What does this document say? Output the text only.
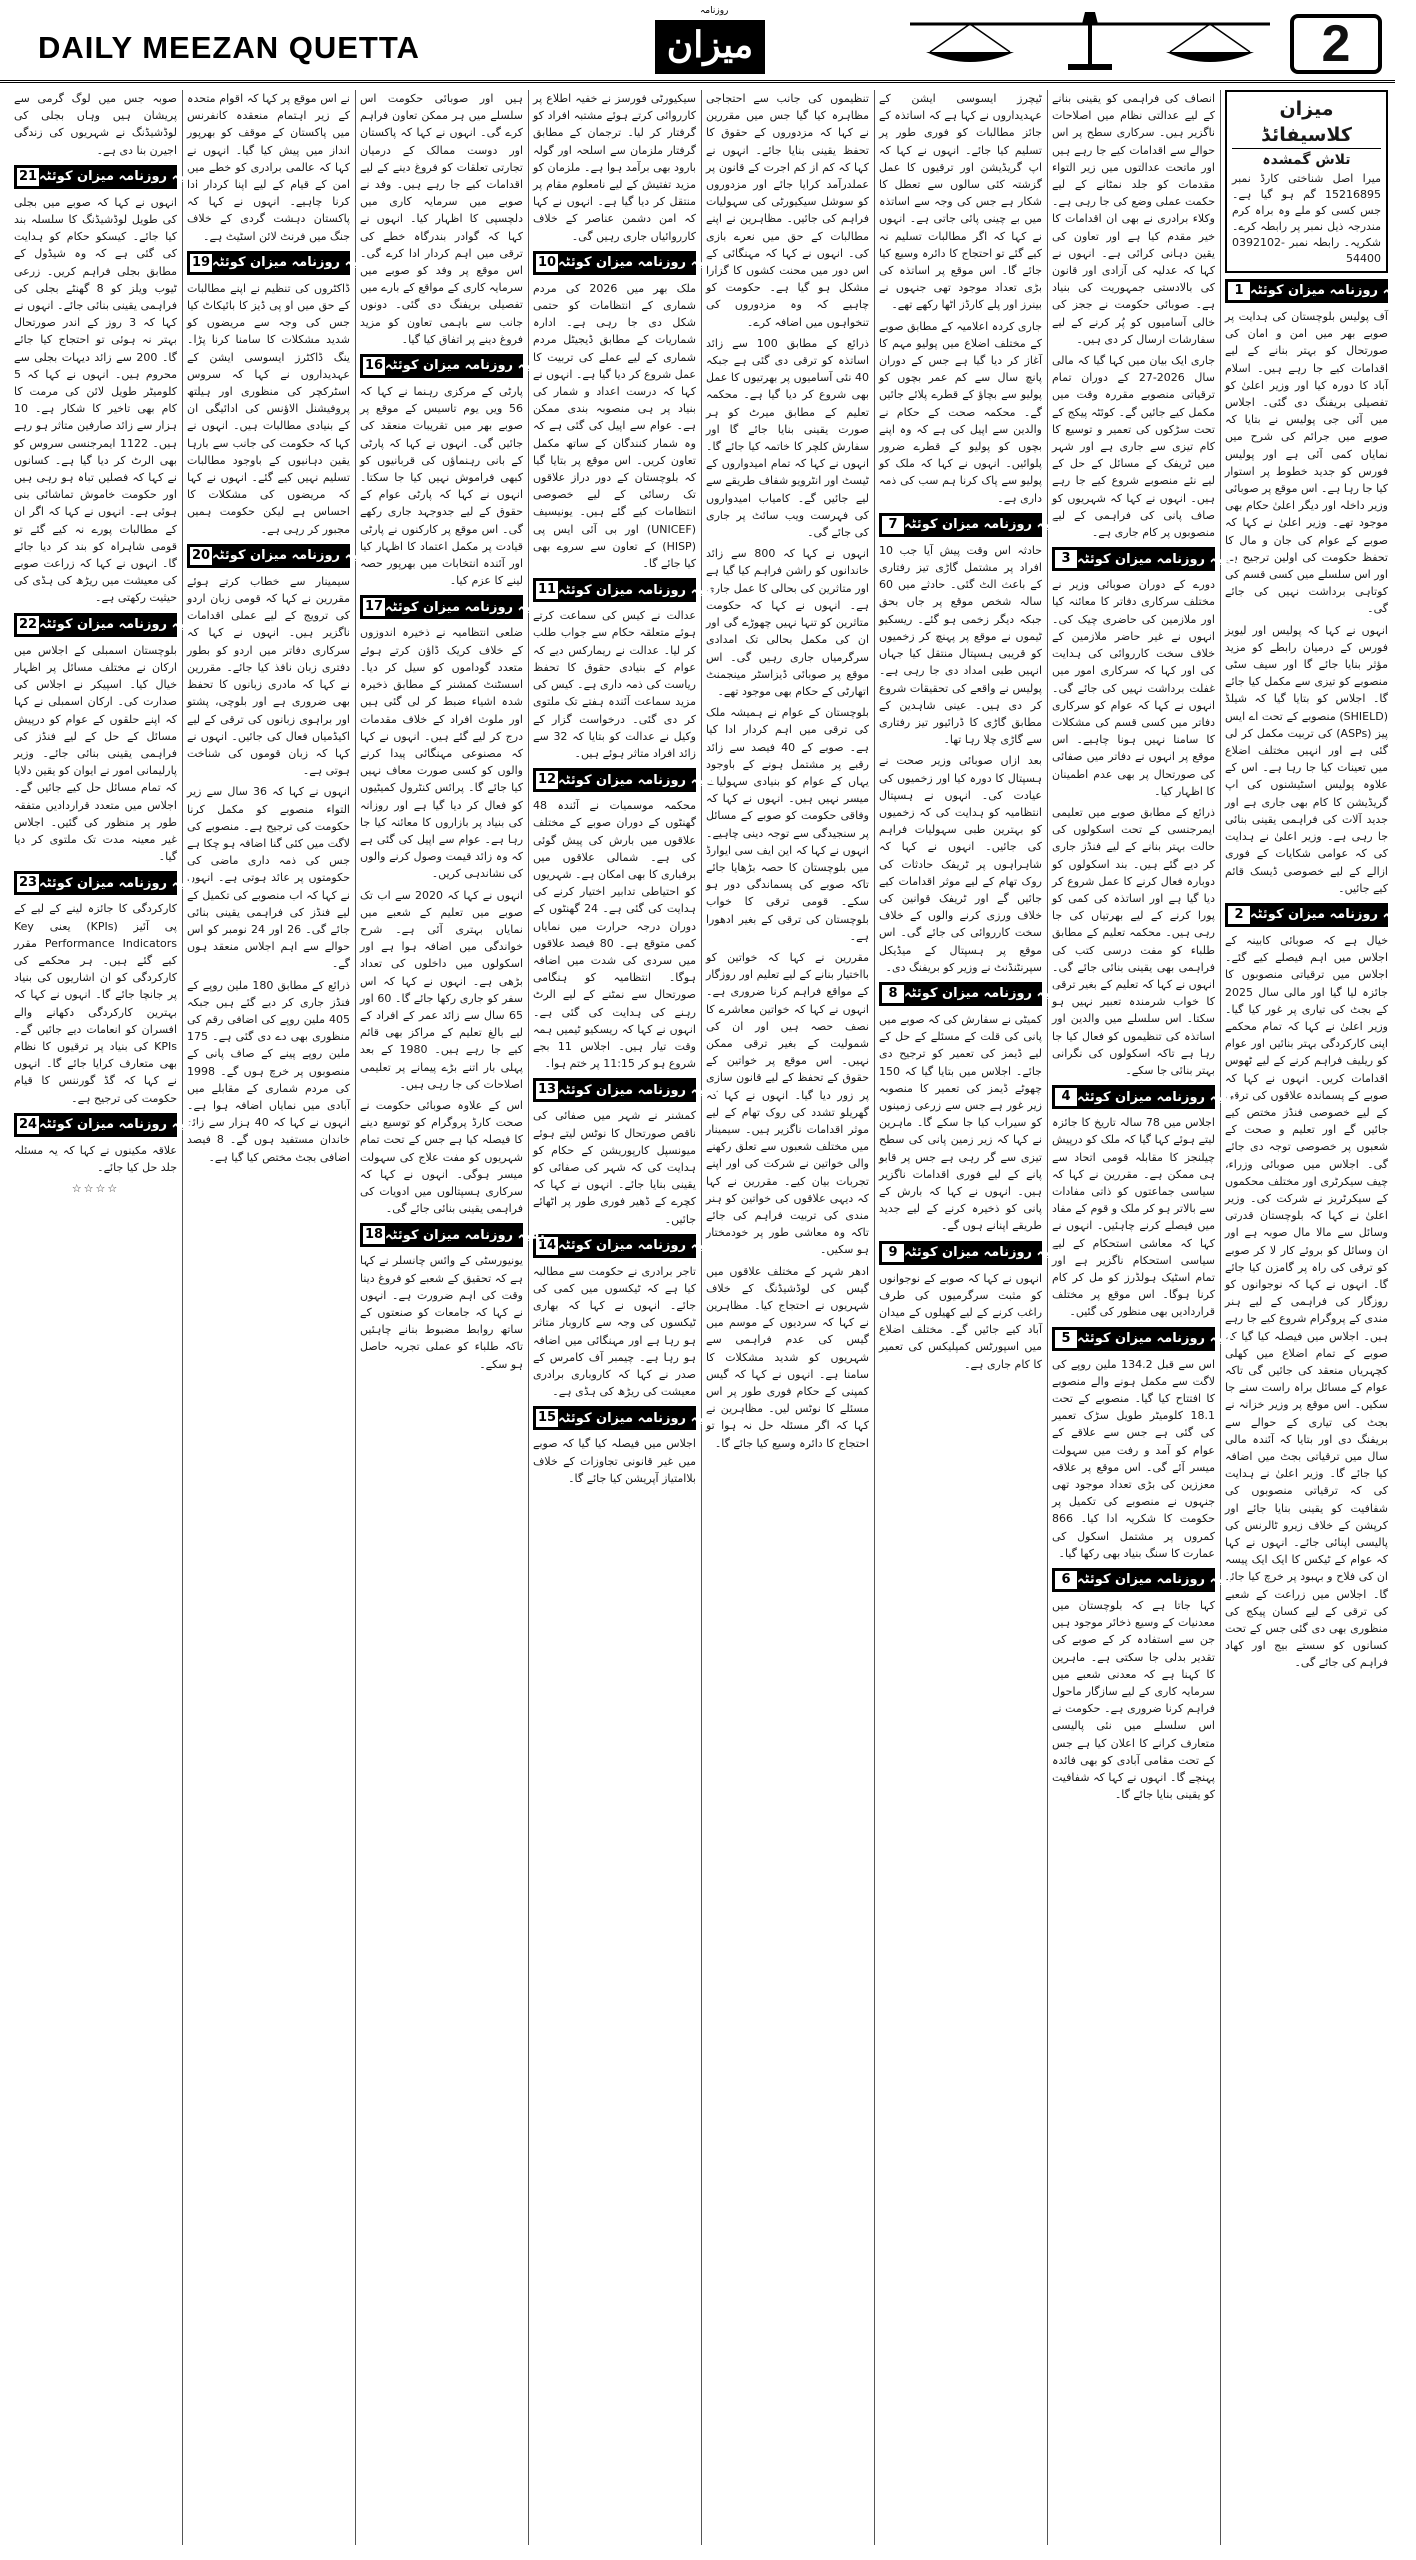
DAILY MEEZAN QUETTA
روزنامہ
میزان	2
میزان کلاسیفائڈ
تلاش گمشدہ
میرا اصل شناختی کارڈ نمبر 15216895 گم ہو گیا ہے۔ جس کسی کو ملے وہ براہ کرم مندرجہ ذیل نمبر پر رابطہ کرے۔ شکریہ۔ رابطہ نمبر 0392102-54400
1 بقیہ روزنامہ میزان کوئٹہ

آف پولیس بلوچستان کی ہدایت پر صوبے بھر میں امن و امان کی صورتحال کو بہتر بنانے کے لیے اقدامات کیے جا رہے ہیں۔ اسلام آباد کا دورہ کیا اور وزیر اعلیٰ کو تفصیلی بریفنگ دی گئی۔ اجلاس میں آئی جی پولیس نے بتایا کہ صوبے میں جرائم کی شرح میں نمایاں کمی آئی ہے اور پولیس فورس کو جدید خطوط پر استوار کیا جا رہا ہے۔ اس موقع پر صوبائی وزیر داخلہ اور دیگر اعلیٰ حکام بھی موجود تھے۔ وزیر اعلیٰ نے کہا کہ صوبے کے عوام کی جان و مال کا تحفظ حکومت کی اولین ترجیح ہے اور اس سلسلے میں کسی قسم کی کوتاہی برداشت نہیں کی جائے گی۔

انہوں نے کہا کہ پولیس اور لیویز فورس کے درمیان رابطے کو مزید مؤثر بنایا جائے گا اور سیف سٹی منصوبے کو تیزی سے مکمل کیا جائے گا۔ اجلاس کو بتایا گیا کہ شیلڈ (SHIELD) منصوبے کے تحت اے ایس پیز (ASPs) کی تربیت مکمل کر لی گئی ہے اور انہیں مختلف اضلاع میں تعینات کیا جا رہا ہے۔ اس کے علاوہ پولیس اسٹیشنوں کی اپ گریڈیشن کا کام بھی جاری ہے اور جدید آلات کی فراہمی یقینی بنائی جا رہی ہے۔ وزیر اعلیٰ نے ہدایت کی کہ عوامی شکایات کے فوری ازالے کے لیے خصوصی ڈیسک قائم کیے جائیں۔

2 بقیہ روزنامہ میزان کوئٹہ

خیال ہے کہ صوبائی کابینہ کے اجلاس میں اہم فیصلے کیے گئے۔ اجلاس میں ترقیاتی منصوبوں کا جائزہ لیا گیا اور مالی سال 2025 کے بجٹ کی تیاری پر غور کیا گیا۔ وزیر اعلیٰ نے کہا کہ تمام محکمے اپنی کارکردگی بہتر بنائیں اور عوام کو ریلیف فراہم کرنے کے لیے ٹھوس اقدامات کریں۔ انہوں نے کہا کہ صوبے کے پسماندہ علاقوں کی ترقی کے لیے خصوصی فنڈز مختص کیے جائیں گے اور تعلیم و صحت کے شعبوں پر خصوصی توجہ دی جائے گی۔ اجلاس میں صوبائی وزراء، چیف سیکرٹری اور مختلف محکموں کے سیکرٹریز نے شرکت کی۔ وزیر اعلیٰ نے کہا کہ بلوچستان قدرتی وسائل سے مالا مال صوبہ ہے اور ان وسائل کو بروئے کار لا کر صوبے کو ترقی کی راہ پر گامزن کیا جائے گا۔ انہوں نے کہا کہ نوجوانوں کو روزگار کی فراہمی کے لیے ہنر مندی کے پروگرام شروع کیے جا رہے ہیں۔ اجلاس میں فیصلہ کیا گیا کہ صوبے کے تمام اضلاع میں کھلی کچہریاں منعقد کی جائیں گی تاکہ عوام کے مسائل براہ راست سنے جا سکیں۔ اس موقع پر وزیر خزانہ نے بجٹ کی تیاری کے حوالے سے بریفنگ دی اور بتایا کہ آئندہ مالی سال میں ترقیاتی بجٹ میں اضافہ کیا جائے گا۔ وزیر اعلیٰ نے ہدایت کی کہ ترقیاتی منصوبوں کی شفافیت کو یقینی بنایا جائے اور کرپشن کے خلاف زیرو ٹالرنس کی پالیسی اپنائی جائے۔ انہوں نے کہا کہ عوام کے ٹیکس کا ایک ایک پیسہ ان کی فلاح و بہبود پر خرچ کیا جائے گا۔ اجلاس میں زراعت کے شعبے کی ترقی کے لیے کسان پیکج کی منظوری بھی دی گئی جس کے تحت کسانوں کو سستے بیج اور کھاد فراہم کی جائے گی۔

انصاف کی فراہمی کو یقینی بنانے کے لیے عدالتی نظام میں اصلاحات ناگزیر ہیں۔ سرکاری سطح پر اس حوالے سے اقدامات کیے جا رہے ہیں اور ماتحت عدالتوں میں زیر التواء مقدمات کو جلد نمٹانے کے لیے حکمت عملی وضع کی جا رہی ہے۔ وکلاء برادری نے بھی ان اقدامات کا خیر مقدم کیا ہے اور تعاون کی یقین دہانی کرائی ہے۔ انہوں نے کہا کہ عدلیہ کی آزادی اور قانون کی بالادستی جمہوریت کی بنیاد ہے۔ صوبائی حکومت نے ججز کی خالی آسامیوں کو پُر کرنے کے لیے سفارشات ارسال کر دی ہیں۔

جاری ایک بیان میں کہا گیا کہ مالی سال 2026-27 کے دوران تمام ترقیاتی منصوبے مقررہ وقت میں مکمل کیے جائیں گے۔ کوئٹہ پیکج کے تحت سڑکوں کی تعمیر و توسیع کا کام تیزی سے جاری ہے اور شہر میں ٹریفک کے مسائل کے حل کے لیے نئے منصوبے شروع کیے جا رہے ہیں۔ انہوں نے کہا کہ شہریوں کو صاف پانی کی فراہمی کے لیے منصوبوں پر کام جاری ہے۔

3 بقیہ روزنامہ میزان کوئٹہ

دورے کے دوران صوبائی وزیر نے مختلف سرکاری دفاتر کا معائنہ کیا اور ملازمین کی حاضری چیک کی۔ انہوں نے غیر حاضر ملازمین کے خلاف سخت کارروائی کی ہدایت کی اور کہا کہ سرکاری امور میں غفلت برداشت نہیں کی جائے گی۔ انہوں نے کہا کہ عوام کو سرکاری دفاتر میں کسی قسم کی مشکلات کا سامنا نہیں ہونا چاہیے۔ اس موقع پر انہوں نے دفاتر میں صفائی کی صورتحال پر بھی عدم اطمینان کا اظہار کیا۔

ذرائع کے مطابق صوبے میں تعلیمی ایمرجنسی کے تحت اسکولوں کی حالت بہتر بنانے کے لیے فنڈز جاری کر دیے گئے ہیں۔ بند اسکولوں کو دوبارہ فعال کرنے کا عمل شروع کر دیا گیا ہے اور اساتذہ کی کمی کو پورا کرنے کے لیے بھرتیاں کی جا رہی ہیں۔ محکمہ تعلیم کے مطابق طلباء کو مفت درسی کتب کی فراہمی بھی یقینی بنائی جائے گی۔ انہوں نے کہا کہ تعلیم کے بغیر ترقی کا خواب شرمندہ تعبیر نہیں ہو سکتا۔ اس سلسلے میں والدین اور اساتذہ کی تنظیموں کو فعال کیا جا رہا ہے تاکہ اسکولوں کی نگرانی بہتر بنائی جا سکے۔

4 بقیہ روزنامہ میزان کوئٹہ

اجلاس میں 78 سالہ تاریخ کا جائزہ لیتے ہوئے کہا گیا کہ ملک کو درپیش چیلنجز کا مقابلہ قومی اتحاد سے ہی ممکن ہے۔ مقررین نے کہا کہ سیاسی جماعتوں کو ذاتی مفادات سے بالاتر ہو کر ملک و قوم کے مفاد میں فیصلے کرنے چاہئیں۔ انہوں نے کہا کہ معاشی استحکام کے لیے سیاسی استحکام ناگزیر ہے اور تمام اسٹیک ہولڈرز کو مل کر کام کرنا ہوگا۔ اس موقع پر مختلف قراردادیں بھی منظور کی گئیں۔

5 بقیہ روزنامہ میزان کوئٹہ

اس سے قبل 134.2 ملین روپے کی لاگت سے مکمل ہونے والے منصوبے کا افتتاح کیا گیا۔ منصوبے کے تحت 18.1 کلومیٹر طویل سڑک تعمیر کی گئی ہے جس سے علاقے کے عوام کو آمد و رفت میں سہولت میسر آئے گی۔ اس موقع پر علاقہ معززین کی بڑی تعداد موجود تھی جنہوں نے منصوبے کی تکمیل پر حکومت کا شکریہ ادا کیا۔ 866 کمروں پر مشتمل اسکول کی عمارت کا سنگ بنیاد بھی رکھا گیا۔

6 بقیہ روزنامہ میزان کوئٹہ

کہا جاتا ہے کہ بلوچستان میں معدنیات کے وسیع ذخائر موجود ہیں جن سے استفادہ کر کے صوبے کی تقدیر بدلی جا سکتی ہے۔ ماہرین کا کہنا ہے کہ معدنی شعبے میں سرمایہ کاری کے لیے سازگار ماحول فراہم کرنا ضروری ہے۔ حکومت نے اس سلسلے میں نئی پالیسی متعارف کرانے کا اعلان کیا ہے جس کے تحت مقامی آبادی کو بھی فائدہ پہنچے گا۔ انہوں نے کہا کہ شفافیت کو یقینی بنایا جائے گا۔

ٹیچرز ایسوسی ایشن کے عہدیداروں نے کہا ہے کہ اساتذہ کے جائز مطالبات کو فوری طور پر تسلیم کیا جائے۔ انہوں نے کہا کہ اپ گریڈیشن اور ترقیوں کا عمل گزشتہ کئی سالوں سے تعطل کا شکار ہے جس کی وجہ سے اساتذہ میں بے چینی پائی جاتی ہے۔ انہوں نے کہا کہ اگر مطالبات تسلیم نہ کیے گئے تو احتجاج کا دائرہ وسیع کیا جائے گا۔ اس موقع پر اساتذہ کی بڑی تعداد موجود تھی جنہوں نے بینرز اور پلے کارڈز اٹھا رکھے تھے۔

جاری کردہ اعلامیہ کے مطابق صوبے کے مختلف اضلاع میں پولیو مہم کا آغاز کر دیا گیا ہے جس کے دوران پانچ سال سے کم عمر بچوں کو پولیو سے بچاؤ کے قطرے پلائے جائیں گے۔ محکمہ صحت کے حکام نے والدین سے اپیل کی ہے کہ وہ اپنے بچوں کو پولیو کے قطرے ضرور پلوائیں۔ انہوں نے کہا کہ ملک کو پولیو سے پاک کرنا ہم سب کی ذمہ داری ہے۔

7 بقیہ روزنامہ میزان کوئٹہ

حادثہ اس وقت پیش آیا جب 10 افراد پر مشتمل گاڑی تیز رفتاری کے باعث الٹ گئی۔ حادثے میں 60 سالہ شخص موقع پر جاں بحق جبکہ دیگر زخمی ہو گئے۔ ریسکیو ٹیموں نے موقع پر پہنچ کر زخمیوں کو قریبی ہسپتال منتقل کیا جہاں انہیں طبی امداد دی جا رہی ہے۔ پولیس نے واقعے کی تحقیقات شروع کر دی ہیں۔ عینی شاہدین کے مطابق گاڑی کا ڈرائیور تیز رفتاری سے گاڑی چلا رہا تھا۔

بعد ازاں صوبائی وزیر صحت نے ہسپتال کا دورہ کیا اور زخمیوں کی عیادت کی۔ انہوں نے ہسپتال انتظامیہ کو ہدایت کی کہ زخمیوں کو بہترین طبی سہولیات فراہم کی جائیں۔ انہوں نے کہا کہ شاہراہوں پر ٹریفک حادثات کی روک تھام کے لیے موثر اقدامات کیے جائیں گے اور ٹریفک قوانین کی خلاف ورزی کرنے والوں کے خلاف سخت کارروائی کی جائے گی۔ اس موقع پر ہسپتال کے میڈیکل سپرنٹنڈنٹ نے وزیر کو بریفنگ دی۔

8 بقیہ روزنامہ میزان کوئٹہ

کمیٹی نے سفارش کی کہ صوبے میں پانی کی قلت کے مسئلے کے حل کے لیے ڈیمز کی تعمیر کو ترجیح دی جائے۔ اجلاس میں بتایا گیا کہ 150 چھوٹے ڈیمز کی تعمیر کا منصوبہ زیر غور ہے جس سے زرعی زمینوں کو سیراب کیا جا سکے گا۔ ماہرین نے کہا کہ زیر زمین پانی کی سطح تیزی سے گر رہی ہے جس پر قابو پانے کے لیے فوری اقدامات ناگزیر ہیں۔ انہوں نے کہا کہ بارش کے پانی کو ذخیرہ کرنے کے لیے جدید طریقے اپنانے ہوں گے۔

9 بقیہ روزنامہ میزان کوئٹہ

انہوں نے کہا کہ صوبے کے نوجوانوں کو مثبت سرگرمیوں کی طرف راغب کرنے کے لیے کھیلوں کے میدان آباد کیے جائیں گے۔ مختلف اضلاع میں اسپورٹس کمپلیکس کی تعمیر کا کام جاری ہے۔

تنظیموں کی جانب سے احتجاجی مظاہرہ کیا گیا جس میں مقررین نے کہا کہ مزدوروں کے حقوق کا تحفظ یقینی بنایا جائے۔ انہوں نے کہا کہ کم از کم اجرت کے قانون پر عملدرآمد کرایا جائے اور مزدوروں کو سوشل سیکیورٹی کی سہولیات فراہم کی جائیں۔ مظاہرین نے اپنے مطالبات کے حق میں نعرے بازی کی۔ انہوں نے کہا کہ مہنگائی کے اس دور میں محنت کشوں کا گزارا مشکل ہو گیا ہے۔ حکومت کو چاہیے کہ وہ مزدوروں کی تنخواہوں میں اضافہ کرے۔

ذرائع کے مطابق 100 سے زائد اساتذہ کو ترقی دی گئی ہے جبکہ 40 نئی آسامیوں پر بھرتیوں کا عمل بھی شروع کر دیا گیا ہے۔ محکمہ تعلیم کے مطابق میرٹ کو ہر صورت یقینی بنایا جائے گا اور سفارش کلچر کا خاتمہ کیا جائے گا۔ انہوں نے کہا کہ تمام امیدواروں کے ٹیسٹ اور انٹرویو شفاف طریقے سے لیے جائیں گے۔ کامیاب امیدواروں کی فہرست ویب سائٹ پر جاری کی جائے گی۔

انہوں نے کہا کہ 800 سے زائد خاندانوں کو راشن فراہم کیا گیا ہے اور متاثرین کی بحالی کا عمل جاری ہے۔ انہوں نے کہا کہ حکومت متاثرین کو تنہا نہیں چھوڑے گی اور ان کی مکمل بحالی تک امدادی سرگرمیاں جاری رہیں گی۔ اس موقع پر صوبائی ڈیزاسٹر مینجمنٹ اتھارٹی کے حکام بھی موجود تھے۔

بلوچستان کے عوام نے ہمیشہ ملک کی ترقی میں اہم کردار ادا کیا ہے۔ صوبے کے 40 فیصد سے زائد رقبے پر مشتمل ہونے کے باوجود یہاں کے عوام کو بنیادی سہولیات میسر نہیں ہیں۔ انہوں نے کہا کہ وفاقی حکومت کو صوبے کے مسائل پر سنجیدگی سے توجہ دینی چاہیے۔ انہوں نے کہا کہ این ایف سی ایوارڈ میں بلوچستان کا حصہ بڑھایا جائے تاکہ صوبے کی پسماندگی دور ہو سکے۔ قومی ترقی کا خواب بلوچستان کی ترقی کے بغیر ادھورا ہے۔

مقررین نے کہا کہ خواتین کو بااختیار بنانے کے لیے تعلیم اور روزگار کے مواقع فراہم کرنا ضروری ہے۔ انہوں نے کہا کہ خواتین معاشرے کا نصف حصہ ہیں اور ان کی شمولیت کے بغیر ترقی ممکن نہیں۔ اس موقع پر خواتین کے حقوق کے تحفظ کے لیے قانون سازی پر زور دیا گیا۔ انہوں نے کہا کہ گھریلو تشدد کی روک تھام کے لیے موثر اقدامات ناگزیر ہیں۔ سیمینار میں مختلف شعبوں سے تعلق رکھنے والی خواتین نے شرکت کی اور اپنے تجربات بیان کیے۔ مقررین نے کہا کہ دیہی علاقوں کی خواتین کو ہنر مندی کی تربیت فراہم کی جائے تاکہ وہ معاشی طور پر خودمختار ہو سکیں۔

ادھر شہر کے مختلف علاقوں میں گیس کی لوڈشیڈنگ کے خلاف شہریوں نے احتجاج کیا۔ مظاہرین نے کہا کہ سردیوں کے موسم میں گیس کی عدم فراہمی سے شہریوں کو شدید مشکلات کا سامنا ہے۔ انہوں نے کہا کہ گیس کمپنی کے حکام فوری طور پر اس مسئلے کا نوٹس لیں۔ مظاہرین نے کہا کہ اگر مسئلہ حل نہ ہوا تو احتجاج کا دائرہ وسیع کیا جائے گا۔

سیکیورٹی فورسز نے خفیہ اطلاع پر کارروائی کرتے ہوئے مشتبہ افراد کو گرفتار کر لیا۔ ترجمان کے مطابق گرفتار ملزمان سے اسلحہ اور گولہ بارود بھی برآمد ہوا ہے۔ ملزمان کو مزید تفتیش کے لیے نامعلوم مقام پر منتقل کر دیا گیا ہے۔ انہوں نے کہا کہ امن دشمن عناصر کے خلاف کارروائیاں جاری رہیں گی۔

10 بقیہ روزنامہ میزان کوئٹہ

ملک بھر میں 2026 کی مردم شماری کے انتظامات کو حتمی شکل دی جا رہی ہے۔ ادارہ شماریات کے مطابق ڈیجیٹل مردم شماری کے لیے عملے کی تربیت کا عمل شروع کر دیا گیا ہے۔ انہوں نے کہا کہ درست اعداد و شمار کی بنیاد پر ہی منصوبہ بندی ممکن ہے۔ عوام سے اپیل کی گئی ہے کہ وہ شمار کنندگان کے ساتھ مکمل تعاون کریں۔ اس موقع پر بتایا گیا کہ بلوچستان کے دور دراز علاقوں تک رسائی کے لیے خصوصی انتظامات کیے گئے ہیں۔ یونیسیف (UNICEF) اور بی آئی ایس پی (HISP) کے تعاون سے سروے بھی کیا جائے گا۔

11 بقیہ روزنامہ میزان کوئٹہ

عدالت نے کیس کی سماعت کرتے ہوئے متعلقہ حکام سے جواب طلب کر لیا۔ عدالت نے ریمارکس دیے کہ عوام کے بنیادی حقوق کا تحفظ ریاست کی ذمہ داری ہے۔ کیس کی مزید سماعت آئندہ ہفتے تک ملتوی کر دی گئی۔ درخواست گزار کے وکیل نے عدالت کو بتایا کہ 32 سے زائد افراد متاثر ہوئے ہیں۔

12 بقیہ روزنامہ میزان کوئٹہ

محکمہ موسمیات نے آئندہ 48 گھنٹوں کے دوران صوبے کے مختلف علاقوں میں بارش کی پیش گوئی کی ہے۔ شمالی علاقوں میں برفباری کا بھی امکان ہے۔ شہریوں کو احتیاطی تدابیر اختیار کرنے کی ہدایت کی گئی ہے۔ 24 گھنٹوں کے دوران درجہ حرارت میں نمایاں کمی متوقع ہے۔ 80 فیصد علاقوں میں سردی کی شدت میں اضافہ ہوگا۔ انتظامیہ کو ہنگامی صورتحال سے نمٹنے کے لیے الرٹ رہنے کی ہدایت کی گئی ہے۔ انہوں نے کہا کہ ریسکیو ٹیمیں ہمہ وقت تیار ہیں۔ اجلاس 11 بجے شروع ہو کر 11:15 پر ختم ہوا۔

13 بقیہ روزنامہ میزان کوئٹہ

کمشنر نے شہر میں صفائی کی ناقص صورتحال کا نوٹس لیتے ہوئے میونسپل کارپوریشن کے حکام کو ہدایت کی کہ شہر کی صفائی کو یقینی بنایا جائے۔ انہوں نے کہا کہ کچرے کے ڈھیر فوری طور پر اٹھائے جائیں۔

14 بقیہ روزنامہ میزان کوئٹہ

تاجر برادری نے حکومت سے مطالبہ کیا ہے کہ ٹیکسوں میں کمی کی جائے۔ انہوں نے کہا کہ بھاری ٹیکسوں کی وجہ سے کاروبار متاثر ہو رہا ہے اور مہنگائی میں اضافہ ہو رہا ہے۔ چیمبر آف کامرس کے صدر نے کہا کہ کاروباری برادری معیشت کی ریڑھ کی ہڈی ہے۔

15 بقیہ روزنامہ میزان کوئٹہ

اجلاس میں فیصلہ کیا گیا کہ صوبے میں غیر قانونی تجاوزات کے خلاف بلاامتیاز آپریشن کیا جائے گا۔

ہیں اور صوبائی حکومت اس سلسلے میں ہر ممکن تعاون فراہم کرے گی۔ انہوں نے کہا کہ پاکستان اور دوست ممالک کے درمیان تجارتی تعلقات کو فروغ دینے کے لیے اقدامات کیے جا رہے ہیں۔ وفد نے صوبے میں سرمایہ کاری میں دلچسپی کا اظہار کیا۔ انہوں نے کہا کہ گوادر بندرگاہ خطے کی ترقی میں اہم کردار ادا کرے گی۔ اس موقع پر وفد کو صوبے میں سرمایہ کاری کے مواقع کے بارے میں تفصیلی بریفنگ دی گئی۔ دونوں جانب سے باہمی تعاون کو مزید فروغ دینے پر اتفاق کیا گیا۔

16 بقیہ روزنامہ میزان کوئٹہ

پارٹی کے مرکزی رہنما نے کہا کہ 56 ویں یوم تاسیس کے موقع پر صوبے بھر میں تقریبات منعقد کی جائیں گی۔ انہوں نے کہا کہ پارٹی کے بانی رہنماؤں کی قربانیوں کو کبھی فراموش نہیں کیا جا سکتا۔ انہوں نے کہا کہ پارٹی عوام کے حقوق کے لیے جدوجہد جاری رکھے گی۔ اس موقع پر کارکنوں نے پارٹی قیادت پر مکمل اعتماد کا اظہار کیا اور آئندہ انتخابات میں بھرپور حصہ لینے کا عزم کیا۔

17 بقیہ روزنامہ میزان کوئٹہ

ضلعی انتظامیہ نے ذخیرہ اندوزوں کے خلاف کریک ڈاؤن کرتے ہوئے متعدد گوداموں کو سیل کر دیا۔ اسسٹنٹ کمشنر کے مطابق ذخیرہ شدہ اشیاء ضبط کر لی گئی ہیں اور ملوث افراد کے خلاف مقدمات درج کر لیے گئے ہیں۔ انہوں نے کہا کہ مصنوعی مہنگائی پیدا کرنے والوں کو کسی صورت معاف نہیں کیا جائے گا۔ پرائس کنٹرول کمیٹیوں کو فعال کر دیا گیا ہے اور روزانہ کی بنیاد پر بازاروں کا معائنہ کیا جا رہا ہے۔ عوام سے اپیل کی گئی ہے کہ وہ زائد قیمت وصول کرنے والوں کی نشاندہی کریں۔

انہوں نے کہا کہ 2020 سے اب تک صوبے میں تعلیم کے شعبے میں نمایاں بہتری آئی ہے۔ شرح خواندگی میں اضافہ ہوا ہے اور اسکولوں میں داخلوں کی تعداد بڑھی ہے۔ انہوں نے کہا کہ اس سفر کو جاری رکھا جائے گا۔ 60 اور 65 سال سے زائد عمر کے افراد کے لیے بالغ تعلیم کے مراکز بھی قائم کیے جا رہے ہیں۔ 1980 کے بعد پہلی بار اتنے بڑے پیمانے پر تعلیمی اصلاحات کی جا رہی ہیں۔

اس کے علاوہ صوبائی حکومت نے صحت کارڈ پروگرام کو توسیع دینے کا فیصلہ کیا ہے جس کے تحت تمام شہریوں کو مفت علاج کی سہولت میسر ہوگی۔ انہوں نے کہا کہ سرکاری ہسپتالوں میں ادویات کی فراہمی یقینی بنائی جائے گی۔

18 بقیہ روزنامہ میزان کوئٹہ

یونیورسٹی کے وائس چانسلر نے کہا ہے کہ تحقیق کے شعبے کو فروغ دینا وقت کی اہم ضرورت ہے۔ انہوں نے کہا کہ جامعات کو صنعتوں کے ساتھ روابط مضبوط بنانے چاہئیں تاکہ طلباء کو عملی تجربہ حاصل ہو سکے۔

نے اس موقع پر کہا کہ اقوام متحدہ کے زیر اہتمام منعقدہ کانفرنس میں پاکستان کے موقف کو بھرپور انداز میں پیش کیا گیا۔ انہوں نے کہا کہ عالمی برادری کو خطے میں امن کے قیام کے لیے اپنا کردار ادا کرنا چاہیے۔ انہوں نے کہا کہ پاکستان دہشت گردی کے خلاف جنگ میں فرنٹ لائن اسٹیٹ ہے۔

19 بقیہ روزنامہ میزان کوئٹہ

ڈاکٹروں کی تنظیم نے اپنے مطالبات کے حق میں او پی ڈیز کا بائیکاٹ کیا جس کی وجہ سے مریضوں کو شدید مشکلات کا سامنا کرنا پڑا۔ ینگ ڈاکٹرز ایسوسی ایشن کے عہدیداروں نے کہا کہ سروس اسٹرکچر کی منظوری اور ہیلتھ پروفیشنل الاؤنس کی ادائیگی ان کے بنیادی مطالبات ہیں۔ انہوں نے کہا کہ حکومت کی جانب سے بارہا یقین دہانیوں کے باوجود مطالبات تسلیم نہیں کیے گئے۔ انہوں نے کہا کہ مریضوں کی مشکلات کا احساس ہے لیکن حکومت ہمیں مجبور کر رہی ہے۔

20 بقیہ روزنامہ میزان کوئٹہ

سیمینار سے خطاب کرتے ہوئے مقررین نے کہا کہ قومی زبان اردو کی ترویج کے لیے عملی اقدامات ناگزیر ہیں۔ انہوں نے کہا کہ سرکاری دفاتر میں اردو کو بطور دفتری زبان نافذ کیا جائے۔ مقررین نے کہا کہ مادری زبانوں کا تحفظ بھی ضروری ہے اور بلوچی، پشتو اور براہوی زبانوں کی ترقی کے لیے اکیڈمیاں فعال کی جائیں۔ انہوں نے کہا کہ زبان قوموں کی شناخت ہوتی ہے۔

انہوں نے کہا کہ 36 سال سے زیر التواء منصوبے کو مکمل کرنا حکومت کی ترجیح ہے۔ منصوبے کی لاگت میں کئی گنا اضافہ ہو چکا ہے جس کی ذمہ داری ماضی کی حکومتوں پر عائد ہوتی ہے۔ انہوں نے کہا کہ اب منصوبے کی تکمیل کے لیے فنڈز کی فراہمی یقینی بنائی جائے گی۔ 26 اور 24 نومبر کو اس حوالے سے اہم اجلاس منعقد ہوں گے۔

ذرائع کے مطابق 180 ملین روپے کے فنڈز جاری کر دیے گئے ہیں جبکہ 405 ملین روپے کی اضافی رقم کی منظوری بھی دے دی گئی ہے۔ 175 ملین روپے پینے کے صاف پانی کے منصوبوں پر خرچ ہوں گے۔ 1998 کی مردم شماری کے مقابلے میں آبادی میں نمایاں اضافہ ہوا ہے۔ انہوں نے کہا کہ 40 ہزار سے زائد خاندان مستفید ہوں گے۔ 8 فیصد اضافی بجٹ مختص کیا گیا ہے۔

صوبہ جس میں لوگ گرمی سے پریشان ہیں وہاں بجلی کی لوڈشیڈنگ نے شہریوں کی زندگی اجیرن بنا دی ہے۔

21 بقیہ روزنامہ میزان کوئٹہ

انہوں نے کہا کہ صوبے میں بجلی کی طویل لوڈشیڈنگ کا سلسلہ بند کیا جائے۔ کیسکو حکام کو ہدایت کی گئی ہے کہ وہ شیڈول کے مطابق بجلی فراہم کریں۔ زرعی ٹیوب ویلز کو 8 گھنٹے بجلی کی فراہمی یقینی بنائی جائے۔ انہوں نے کہا کہ 3 روز کے اندر صورتحال بہتر نہ ہوئی تو احتجاج کیا جائے گا۔ 200 سے زائد دیہات بجلی سے محروم ہیں۔ انہوں نے کہا کہ 5 کلومیٹر طویل لائن کی مرمت کا کام بھی تاخیر کا شکار ہے۔ 10 ہزار سے زائد صارفین متاثر ہو رہے ہیں۔ 1122 ایمرجنسی سروس کو بھی الرٹ کر دیا گیا ہے۔ کسانوں نے کہا کہ فصلیں تباہ ہو رہی ہیں اور حکومت خاموش تماشائی بنی ہوئی ہے۔ انہوں نے کہا کہ اگر ان کے مطالبات پورے نہ کیے گئے تو قومی شاہراہ کو بند کر دیا جائے گا۔ انہوں نے کہا کہ زراعت صوبے کی معیشت میں ریڑھ کی ہڈی کی حیثیت رکھتی ہے۔

22 بقیہ روزنامہ میزان کوئٹہ

بلوچستان اسمبلی کے اجلاس میں ارکان نے مختلف مسائل پر اظہار خیال کیا۔ اسپیکر نے اجلاس کی صدارت کی۔ ارکان اسمبلی نے کہا کہ اپنے حلقوں کے عوام کو درپیش مسائل کے حل کے لیے فنڈز کی فراہمی یقینی بنائی جائے۔ وزیر پارلیمانی امور نے ایوان کو یقین دلایا کہ تمام مسائل حل کیے جائیں گے۔ اجلاس میں متعدد قراردادیں متفقہ طور پر منظور کی گئیں۔ اجلاس غیر معینہ مدت تک ملتوی کر دیا گیا۔

23 بقیہ روزنامہ میزان کوئٹہ

کارکردگی کا جائزہ لینے کے لیے کے پی آئیز (KPIs) یعنی Key Performance Indicators مقرر کیے گئے ہیں۔ ہر محکمے کی کارکردگی کو ان اشاریوں کی بنیاد پر جانچا جائے گا۔ انہوں نے کہا کہ بہترین کارکردگی دکھانے والے افسران کو انعامات دیے جائیں گے۔ KPIs کی بنیاد پر ترقیوں کا نظام بھی متعارف کرایا جائے گا۔ انہوں نے کہا کہ گڈ گورننس کا قیام حکومت کی ترجیح ہے۔

24 بقیہ روزنامہ میزان کوئٹہ

علاقہ مکینوں نے کہا کہ یہ مسئلہ جلد حل کیا جائے۔

☆☆☆☆
